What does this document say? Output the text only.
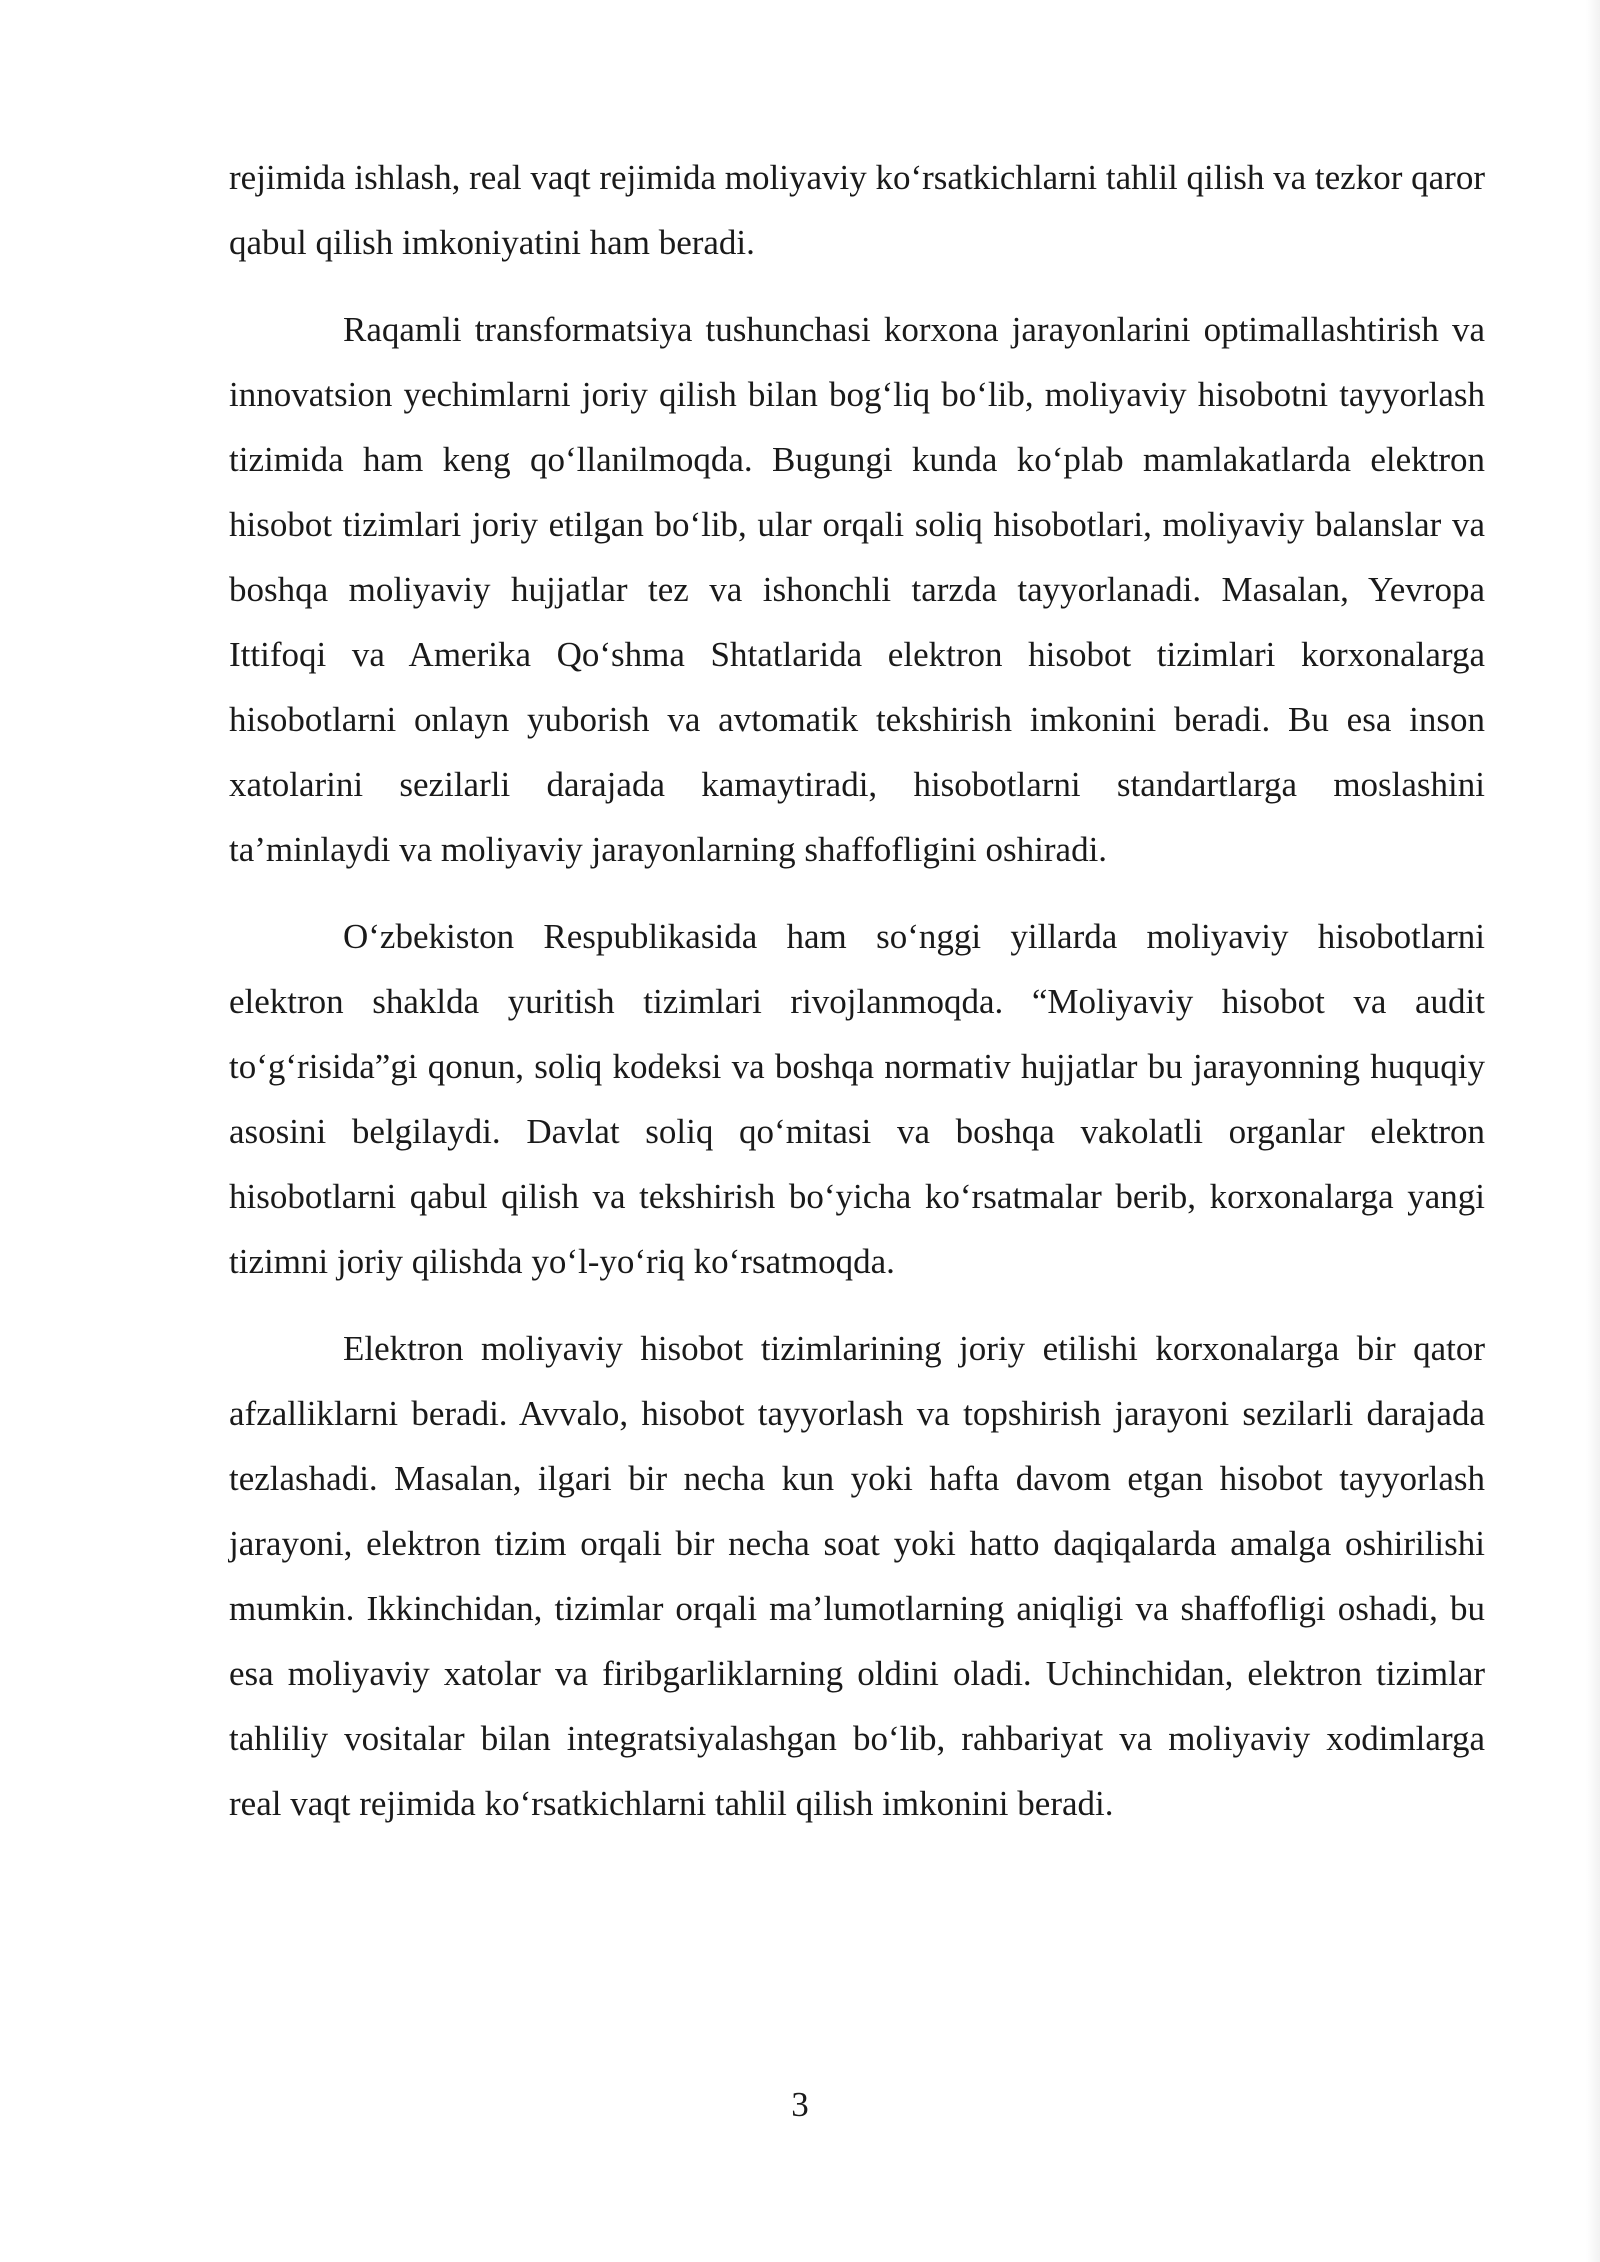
rejimida ishlash, real vaqt rejimida moliyaviy ko‘rsatkichlarni tahlil qilish va tezkor qaror qabul qilish imkoniyatini ham beradi.

Raqamli transformatsiya tushunchasi korxona jarayonlarini optimallashtirish va innovatsion yechimlarni joriy qilish bilan bog‘liq bo‘lib, moliyaviy hisobotni tayyorlash tizimida ham keng qo‘llanilmoqda. Bugungi kunda ko‘plab mamlakatlarda elektron hisobot tizimlari joriy etilgan bo‘lib, ular orqali soliq hisobotlari, moliyaviy balanslar va boshqa moliyaviy hujjatlar tez va ishonchli tarzda tayyorlanadi. Masalan, Yevropa Ittifoqi va Amerika Qo‘shma Shtatlarida elektron hisobot tizimlari korxonalarga hisobotlarni onlayn yuborish va avtomatik tekshirish imkonini beradi. Bu esa inson xatolarini sezilarli darajada kamaytiradi, hisobotlarni standartlarga moslashini ta’minlaydi va moliyaviy jarayonlarning shaffofligini oshiradi.

O‘zbekiston Respublikasida ham so‘nggi yillarda moliyaviy hisobotlarni elektron shaklda yuritish tizimlari rivojlanmoqda. “Moliyaviy hisobot va audit to‘g‘risida”gi qonun, soliq kodeksi va boshqa normativ hujjatlar bu jarayonning huquqiy asosini belgilaydi. Davlat soliq qo‘mitasi va boshqa vakolatli organlar elektron hisobotlarni qabul qilish va tekshirish bo‘yicha ko‘rsatmalar berib, korxonalarga yangi tizimni joriy qilishda yo‘l-yo‘riq ko‘rsatmoqda.

Elektron moliyaviy hisobot tizimlarining joriy etilishi korxonalarga bir qator afzalliklarni beradi. Avvalo, hisobot tayyorlash va topshirish jarayoni sezilarli darajada tezlashadi. Masalan, ilgari bir necha kun yoki hafta davom etgan hisobot tayyorlash jarayoni, elektron tizim orqali bir necha soat yoki hatto daqiqalarda amalga oshirilishi mumkin. Ikkinchidan, tizimlar orqali ma’lumotlarning aniqligi va shaffofligi oshadi, bu esa moliyaviy xatolar va firibgarliklarning oldini oladi. Uchinchidan, elektron tizimlar tahliliy vositalar bilan integratsiyalashgan bo‘lib, rahbariyat va moliyaviy xodimlarga real vaqt rejimida ko‘rsatkichlarni tahlil qilish imkonini beradi.

3
